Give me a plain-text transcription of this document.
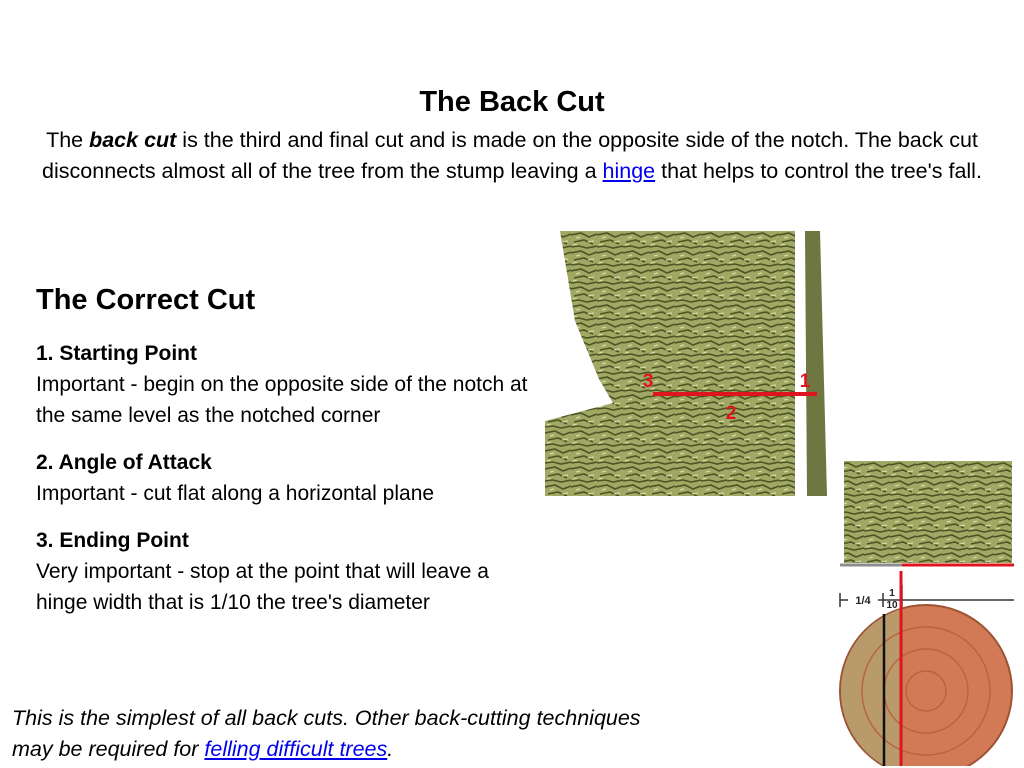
The Back Cut

The back cut is the third and final cut and is made on the opposite side of the notch. The back cut disconnects almost all of the tree from the stump leaving a hinge that helps to control the tree's fall.

The Correct Cut

1. Starting Point
Important - begin on the opposite side of the notch at the same level as the notched corner

2. Angle of Attack
Important - cut flat along a horizontal plane

3. Ending Point
Very important - stop at the point that will leave a hinge width that is 1/10 the tree's diameter

This is the simplest of all back cuts. Other back-cutting techniques may be required for felling difficult trees.

3	1
2
1/4
1
10
